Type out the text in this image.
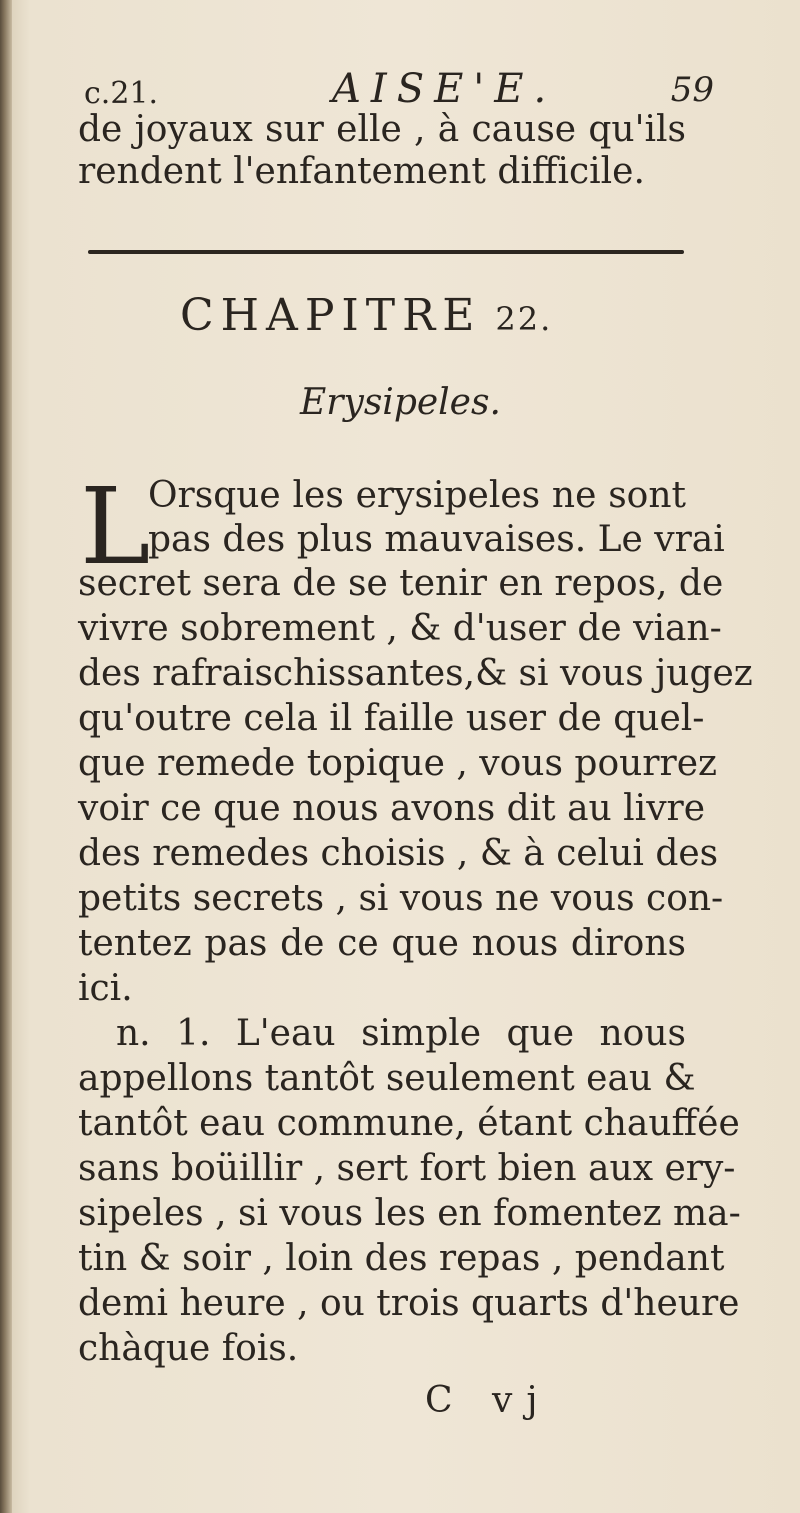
c.21.	AISE'E.	59
de joyaux sur elle , à cause qu'ils
rendent l'enfantement difficile.
CHAPITRE 22.
Erysipeles.
L
Orsque les erysipeles ne sont
pas des plus mauvaises. Le vrai
secret sera de se tenir en repos, de
vivre sobrement , & d'user de vian-
des rafraischissantes,& si vous jugez
qu'outre cela il faille user de quel-
que remede topique , vous pourrez
voir ce que nous avons dit au livre
des remedes choisis , & à celui des
petits secrets , si vous ne vous con-
tentez pas de ce que nous dirons
ici.
n. 1. L'eau simple que nous
appellons tantôt seulement eau &
tantôt eau commune, étant chauffée
sans boüillir , sert fort bien aux ery-
sipeles , si vous les en fomentez ma-
tin & soir , loin des repas , pendant
demi heure , ou trois quarts d'heure
chàque fois.
C vj
